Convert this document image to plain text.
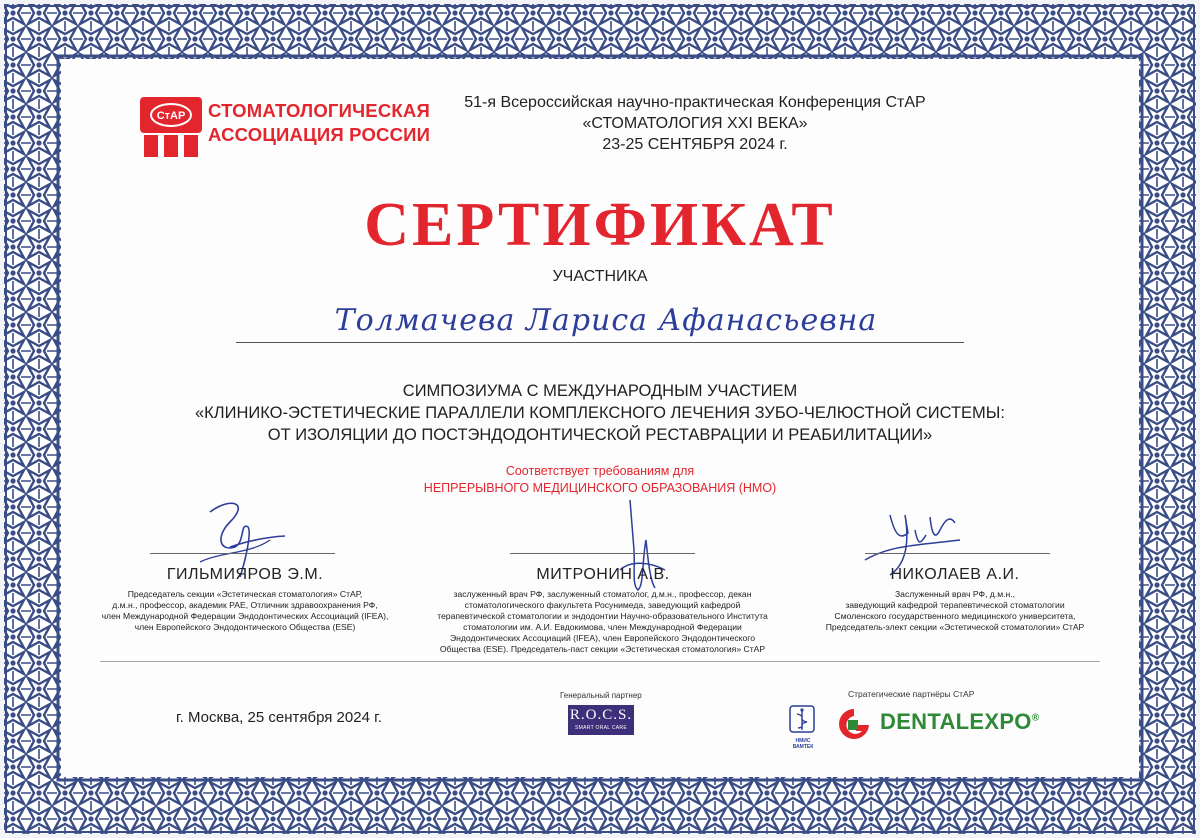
СтАР СТОМАТОЛОГИЧЕСКАЯ
АССОЦИАЦИЯ РОССИИ
51-я Всероссийская научно-практическая Конференция СтАР
«СТОМАТОЛОГИЯ XXI ВЕКА»
23-25 СЕНТЯБРЯ 2024 г.
СЕРТИФИКАТ
УЧАСТНИКА
Толмачева Лариса Афанасьевна
СИМПОЗИУМА С МЕЖДУНАРОДНЫМ УЧАСТИЕМ
«КЛИНИКО-ЭСТЕТИЧЕСКИЕ ПАРАЛЛЕЛИ КОМПЛЕКСНОГО ЛЕЧЕНИЯ ЗУБО-ЧЕЛЮСТНОЙ СИСТЕМЫ:
ОТ ИЗОЛЯЦИИ ДО ПОСТЭНДОДОНТИЧЕСКОЙ РЕСТАВРАЦИИ И РЕАБИЛИТАЦИИ»
Соответствует требованиям для
НЕПРЕРЫВНОГО МЕДИЦИНСКОГО ОБРАЗОВАНИЯ (НМО)
ГИЛЬМИЯРОВ Э.М.	МИТРОНИН А.В.	НИКОЛАЕВ А.И.
Председатель секции «Эстетическая стоматология» СтАР,
д.м.н., профессор, академик РАЕ, Отличник здравоохранения РФ,
член Международной Федерации Эндодонтических Ассоциаций (IFEA),
член Европейского Эндодонтического Общества (ESE)
заслуженный врач РФ, заслуженный стоматолог, д.м.н., профессор, декан
стоматологического факультета Росунимеда, заведующий кафедрой
терапевтической стоматологии и эндодонтии Научно-образовательного Института
стоматологии им. А.И. Евдокимова, член Международной Федерации
Эндодонтических Ассоциаций (IFEA), член Европейского Эндодонтического
Общества (ESE). Председатель-паст секции «Эстетическая стоматология» СтАР
Заслуженный врач РФ, д.м.н.,
заведующий кафедрой терапевтической стоматологии
Смоленского государственного медицинского университета,
Председатель-элект секции «Эстетической стоматологии» СтАР
г. Москва, 25 сентября 2024 г.
Генеральный партнер
R.O.C.S.
SMART ORAL CARE
Стратегические партнёры СтАР
НМИС ВАМТЕК
DENTALEXPO®
